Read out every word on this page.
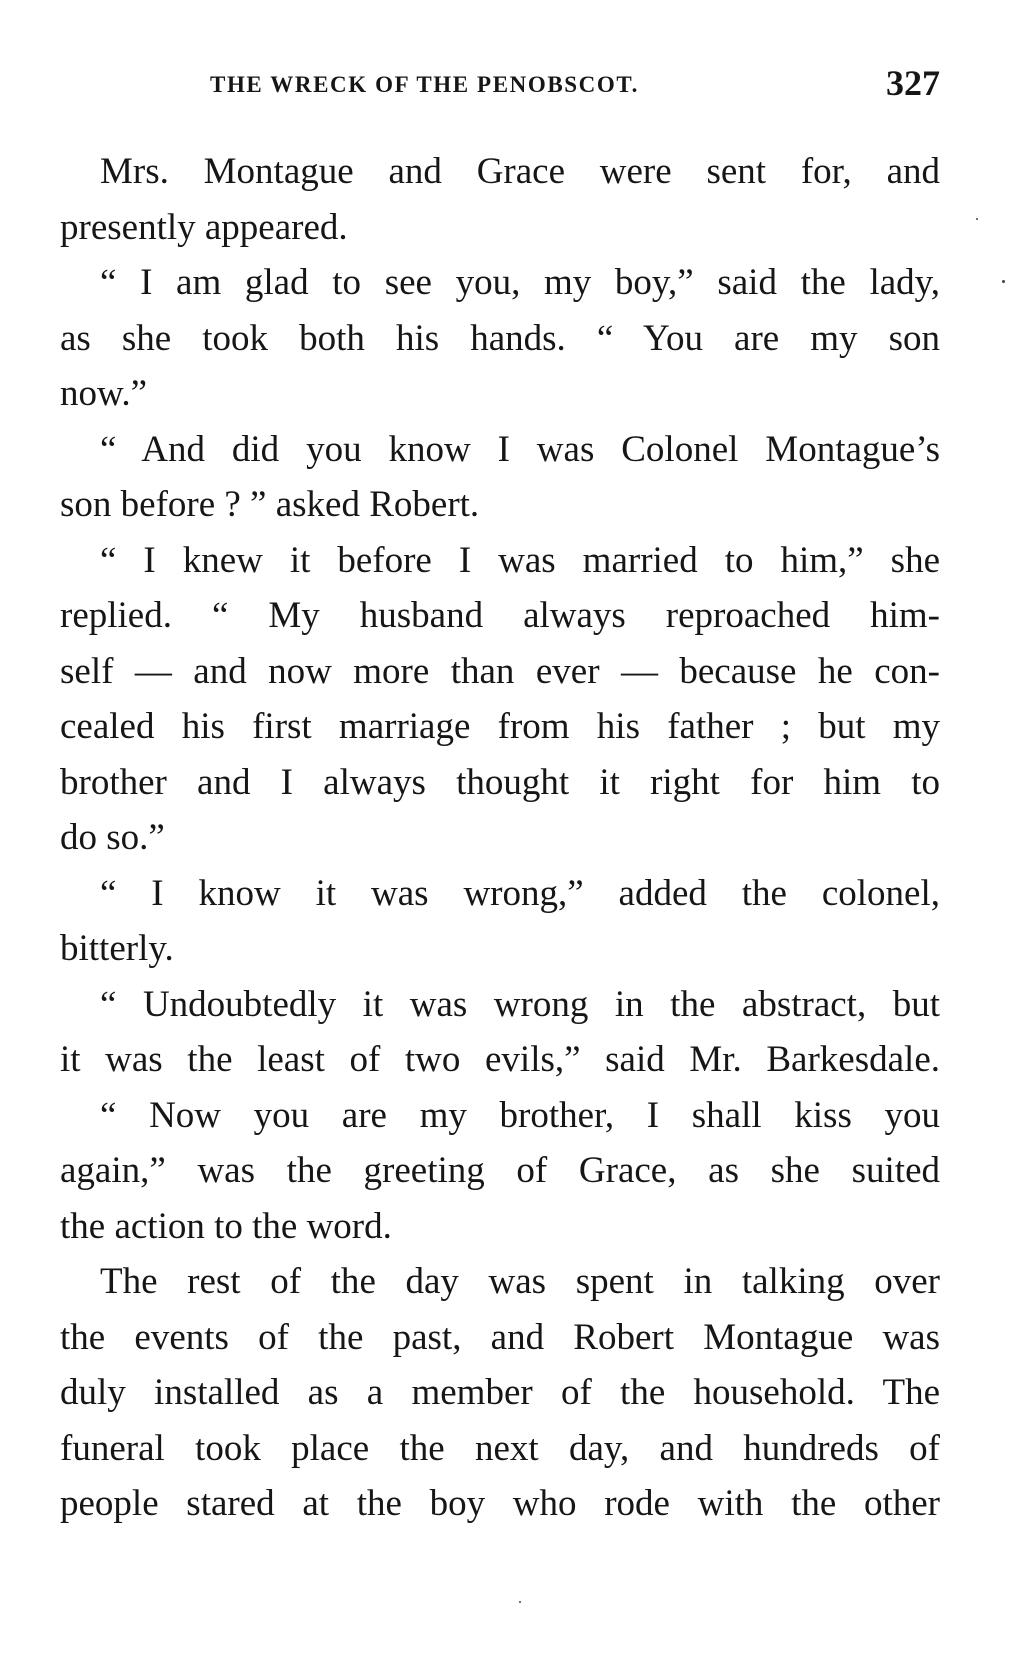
THE WRECK OF THE PENOBSCOT.	327
Mrs. Montague and Grace were sent for, and
presently appeared.
“ I am glad to see you, my boy,” said the lady,
as she took both his hands. “ You are my son
now.”
“ And did you know I was Colonel Montague’s
son before ? ” asked Robert.
“ I knew it before I was married to him,” she
replied. “ My husband always reproached him-
self — and now more than ever — because he con-
cealed his first marriage from his father ; but my
brother and I always thought it right for him to
do so.”
“ I know it was wrong,” added the colonel,
bitterly.
“ Undoubtedly it was wrong in the abstract, but
it was the least of two evils,” said Mr. Barkesdale.
“ Now you are my brother, I shall kiss you
again,” was the greeting of Grace, as she suited
the action to the word.
The rest of the day was spent in talking over
the events of the past, and Robert Montague was
duly installed as a member of the household. The
funeral took place the next day, and hundreds of
people stared at the boy who rode with the other
